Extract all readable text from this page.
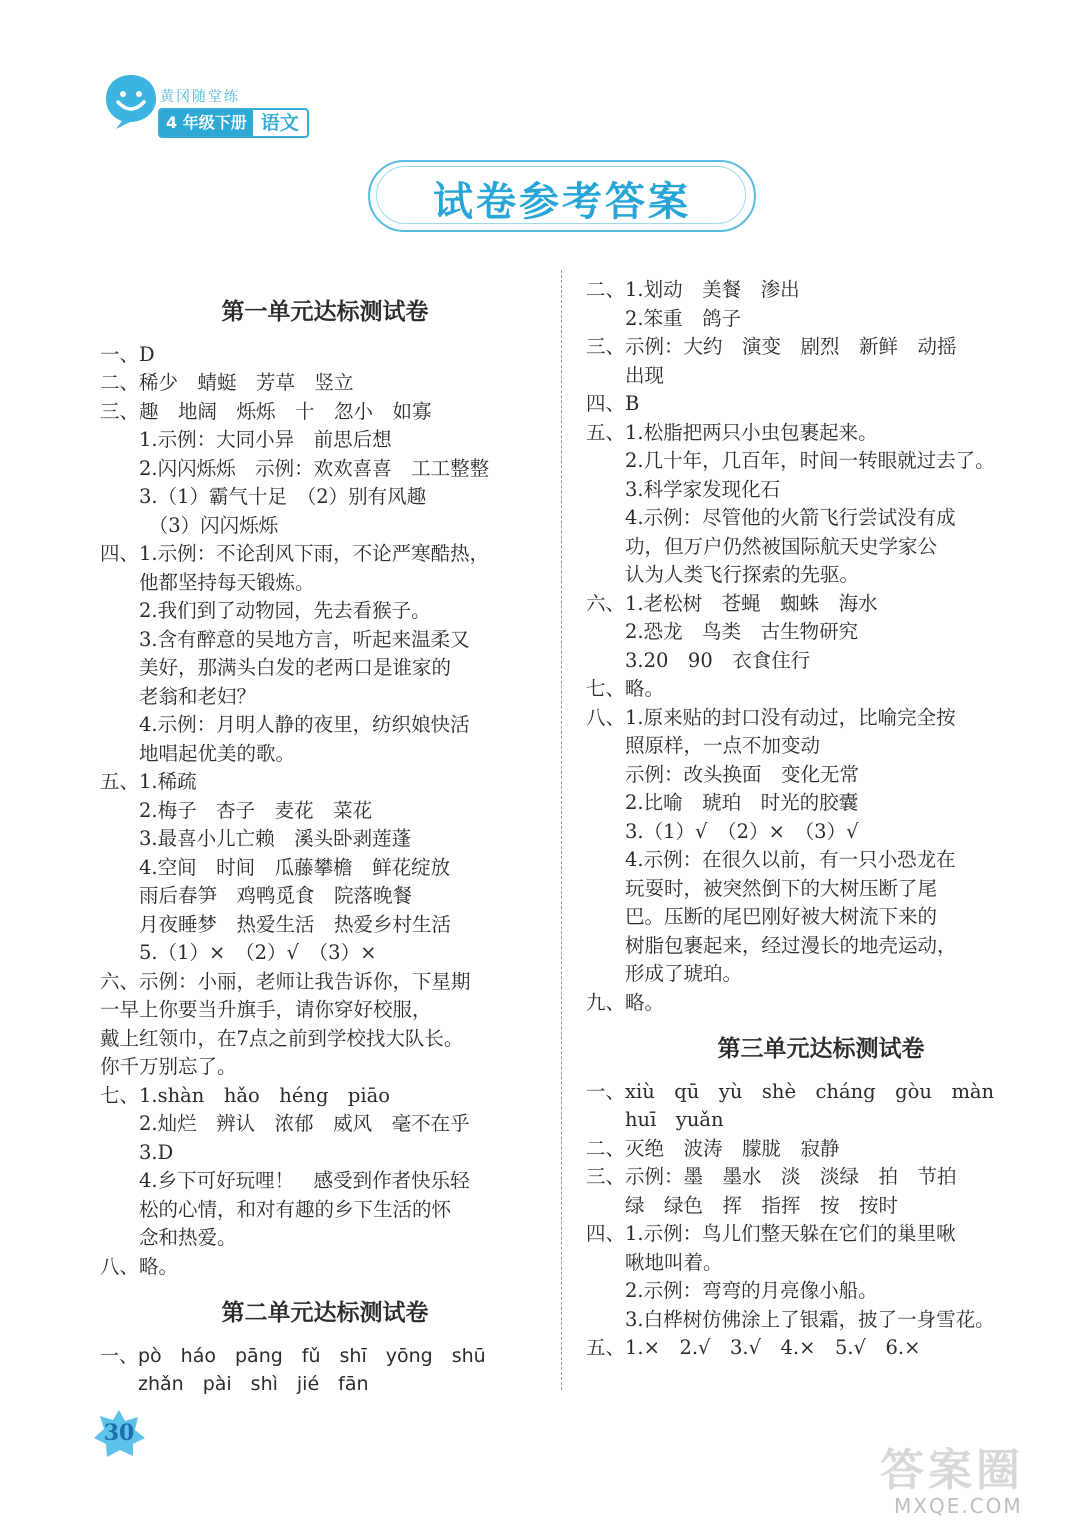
黄冈随堂练
4 年级下册 语文
试卷参考答案
第一单元达标测试卷
一、D
二、稀少　蜻蜓　芳草　竖立
三、趣　地阔　烁烁　十　忽小　如寡
　　1.示例：大同小异　前思后想
　　2.闪闪烁烁　示例：欢欢喜喜　工工整整
　　3.（1）霸气十足　（2）别有风趣
　　　（3）闪闪烁烁
四、1.示例：不论刮风下雨，不论严寒酷热，
　　他都坚持每天锻炼。
　　2.我们到了动物园，先去看猴子。
　　3.含有醉意的吴地方言，听起来温柔又
　　美好，那满头白发的老两口是谁家的
　　老翁和老妇？
　　4.示例：月明人静的夜里，纺织娘快活
　　地唱起优美的歌。
五、1.稀疏
　　2.梅子　杏子　麦花　菜花
　　3.最喜小儿亡赖　溪头卧剥莲蓬
　　4.空间　时间　瓜藤攀檐　鲜花绽放
　　雨后春笋　鸡鸭觅食　院落晚餐
　　月夜睡梦　热爱生活　热爱乡村生活
　　5.（1）×　（2）√　（3）×
六、示例：小丽，老师让我告诉你，下星期
一早上你要当升旗手，请你穿好校服，
戴上红领巾，在7点之前到学校找大队长。
你千万别忘了。
七、1.shàn　hǎo　héng　piāo
　　2.灿烂　辨认　浓郁　威风　毫不在乎
　　3.D
　　4.乡下可好玩哩！　感受到作者快乐轻
　　松的心情，和对有趣的乡下生活的怀
　　念和热爱。
八、略。
第二单元达标测试卷
一、pò　háo　pāng　fǔ　shī　yōng　shū
　　zhǎn　pài　shì　jié　fān
二、1.划动　美餐　渗出
　　2.笨重　鸽子
三、示例：大约　演变　剧烈　新鲜　动摇
　　出现
四、B
五、1.松脂把两只小虫包裹起来。
　　2.几十年，几百年，时间一转眼就过去了。
　　3.科学家发现化石
　　4.示例：尽管他的火箭飞行尝试没有成
　　功，但万户仍然被国际航天史学家公
　　认为人类飞行探索的先驱。
六、1.老松树　苍蝇　蜘蛛　海水
　　2.恐龙　鸟类　古生物研究
　　3.20　90　衣食住行
七、略。
八、1.原来贴的封口没有动过，比喻完全按
　　照原样，一点不加变动
　　示例：改头换面　变化无常
　　2.比喻　琥珀　时光的胶囊
　　3.（1）√　（2）×　（3）√
　　4.示例：在很久以前，有一只小恐龙在
　　玩耍时，被突然倒下的大树压断了尾
　　巴。压断的尾巴刚好被大树流下来的
　　树脂包裹起来，经过漫长的地壳运动，
　　形成了琥珀。
九、略。
第三单元达标测试卷
一、xiù　qū　yù　shè　cháng　gòu　màn
　　huī　yuǎn
二、灭绝　波涛　朦胧　寂静
三、示例：墨　墨水　淡　淡绿　拍　节拍
　　绿　绿色　挥　指挥　按　按时
四、1.示例：鸟儿们整天躲在它们的巢里啾
　　啾地叫着。
　　2.示例：弯弯的月亮像小船。
　　3.白桦树仿佛涂上了银霜，披了一身雪花。
五、1.×　2.√　3.√　4.×　5.√　6.×
30
答案圈
MXQE.COM
